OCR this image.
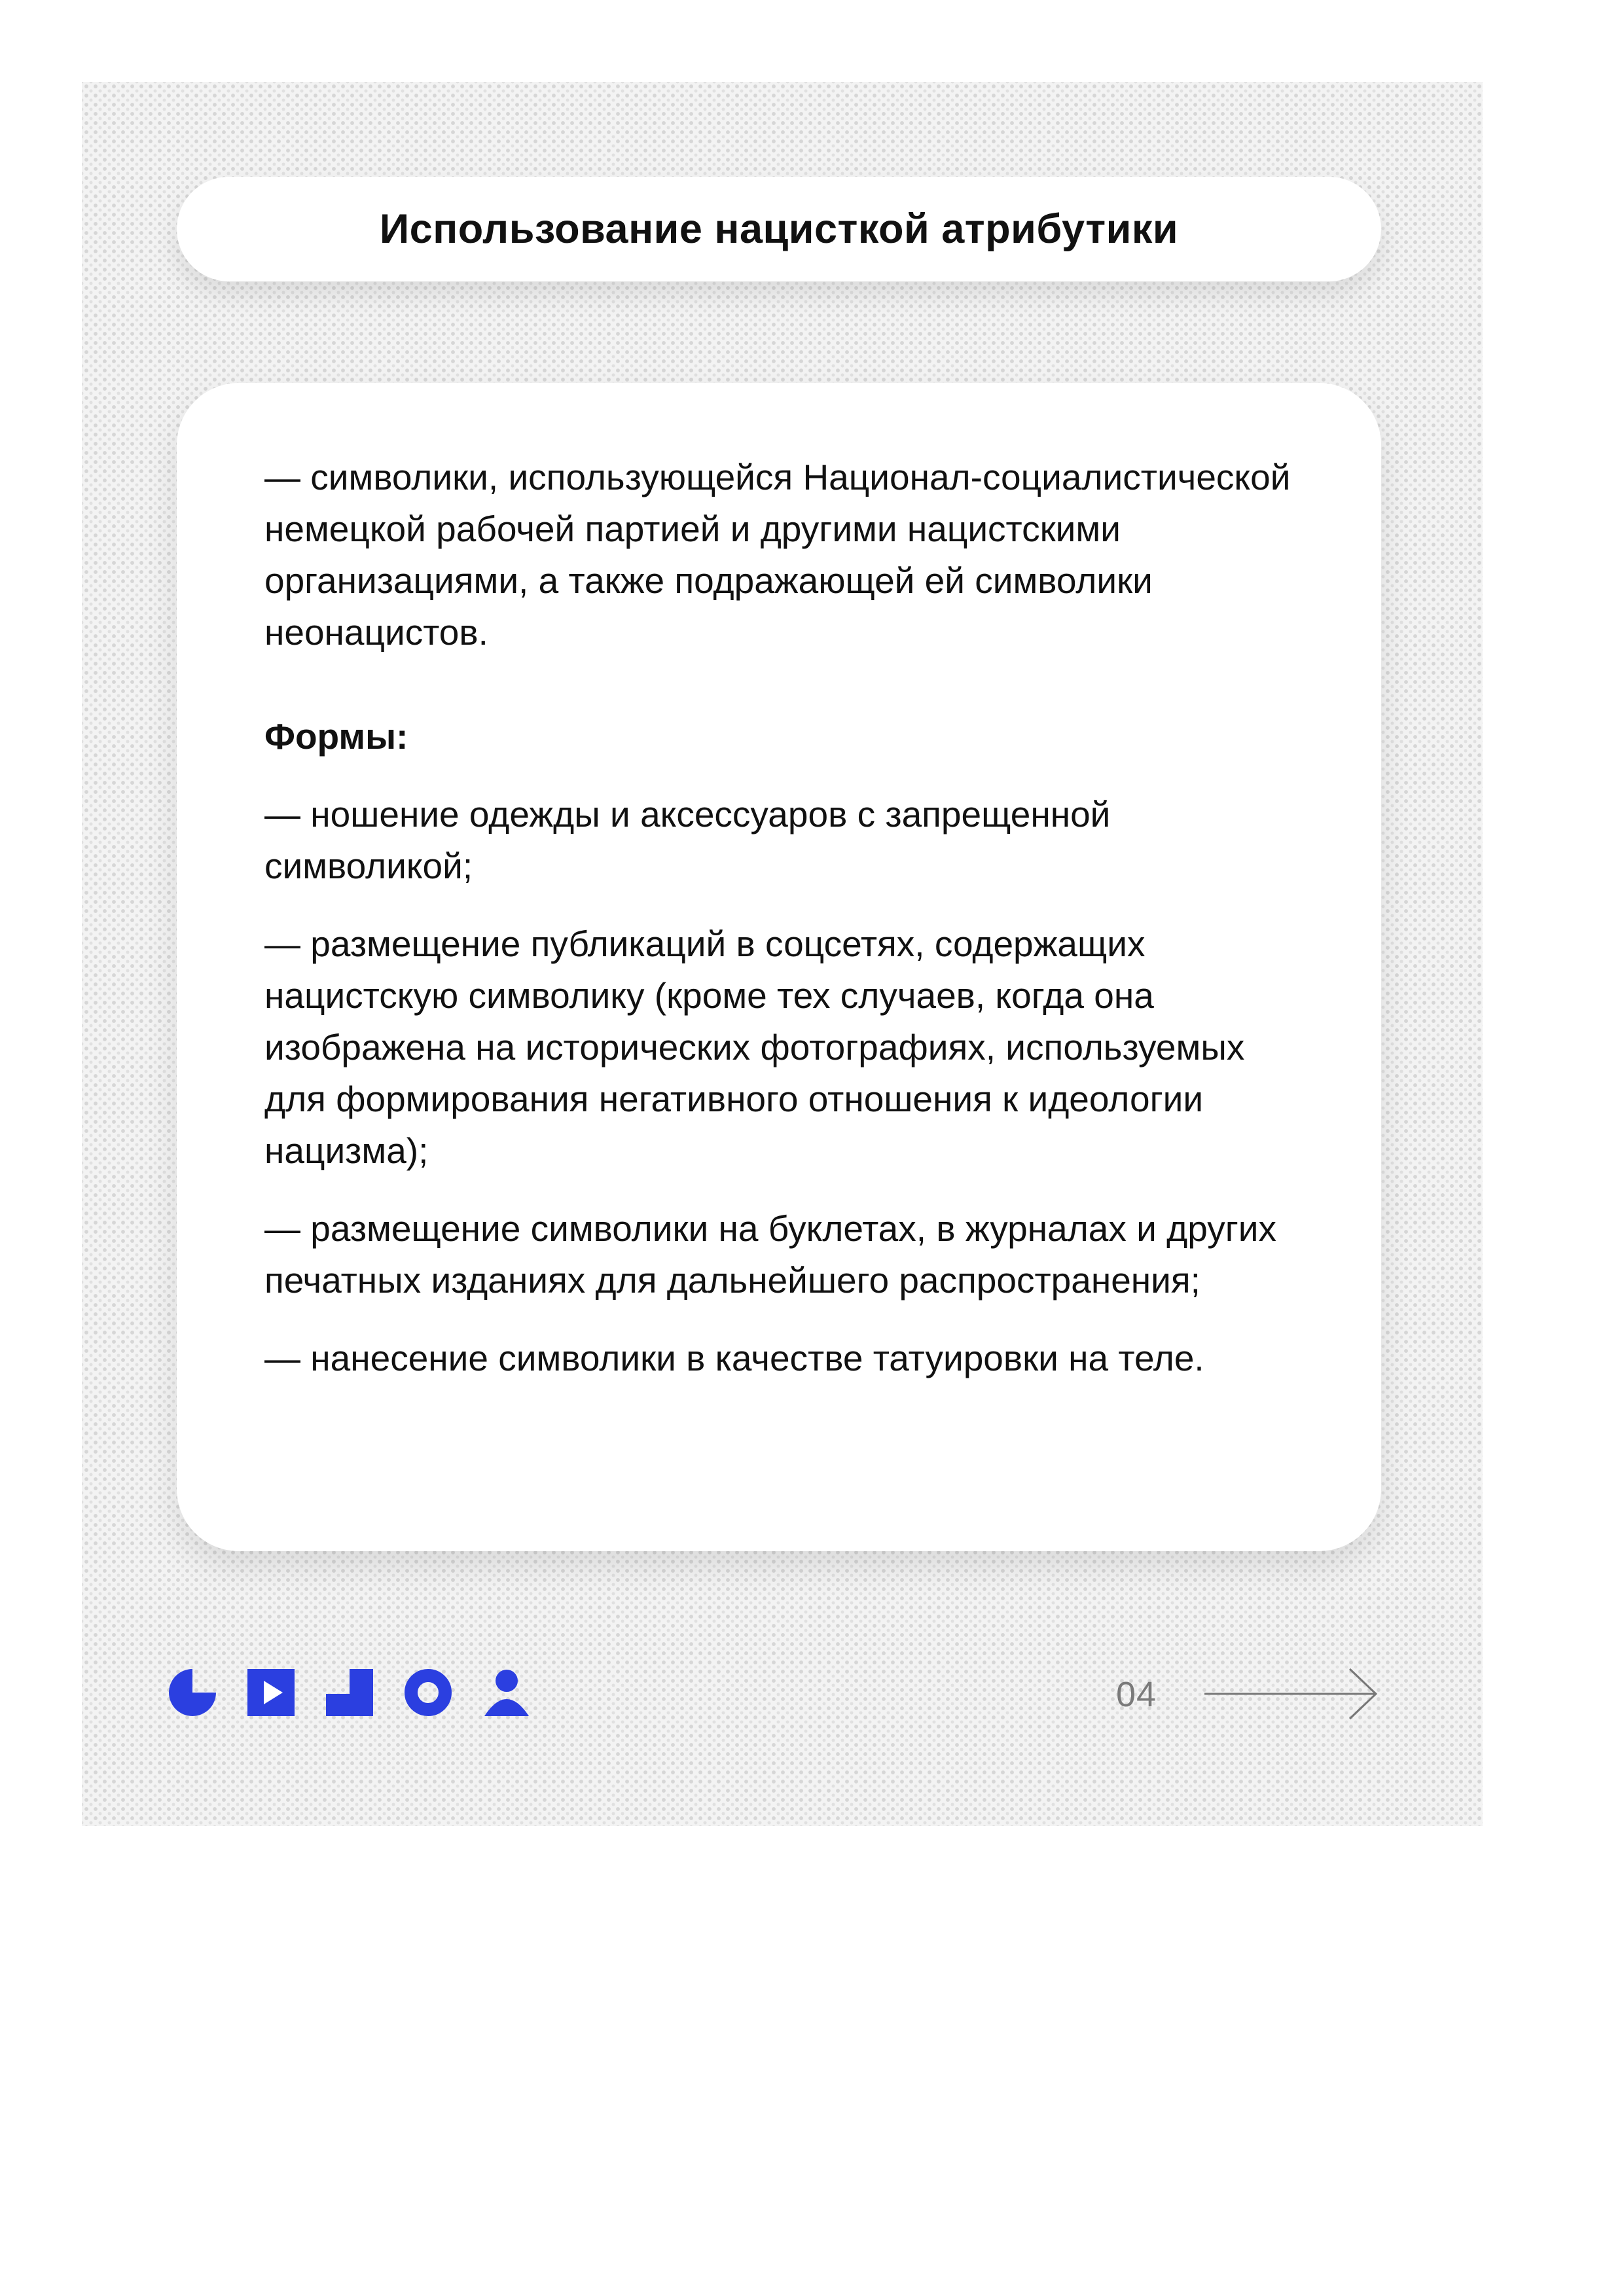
Использование нацисткой атрибутики

— символики, использующейся Национал-социалистической немецкой рабочей партией и другими нацистскими организациями, а также подражающей ей символики неонацистов.

Формы:

— ношение одежды и аксессуаров с запрещенной символикой;

— размещение публикаций в соцсетях, содержащих нацистскую символику (кроме тех случаев, когда она изображена на исторических фотографиях, используемых для формирования негативного отношения к идеологии нацизма);

— размещение символики на буклетах, в журналах и других печатных изданиях для дальнейшего распространения;

— нанесение символики в качестве татуировки на теле.

04
